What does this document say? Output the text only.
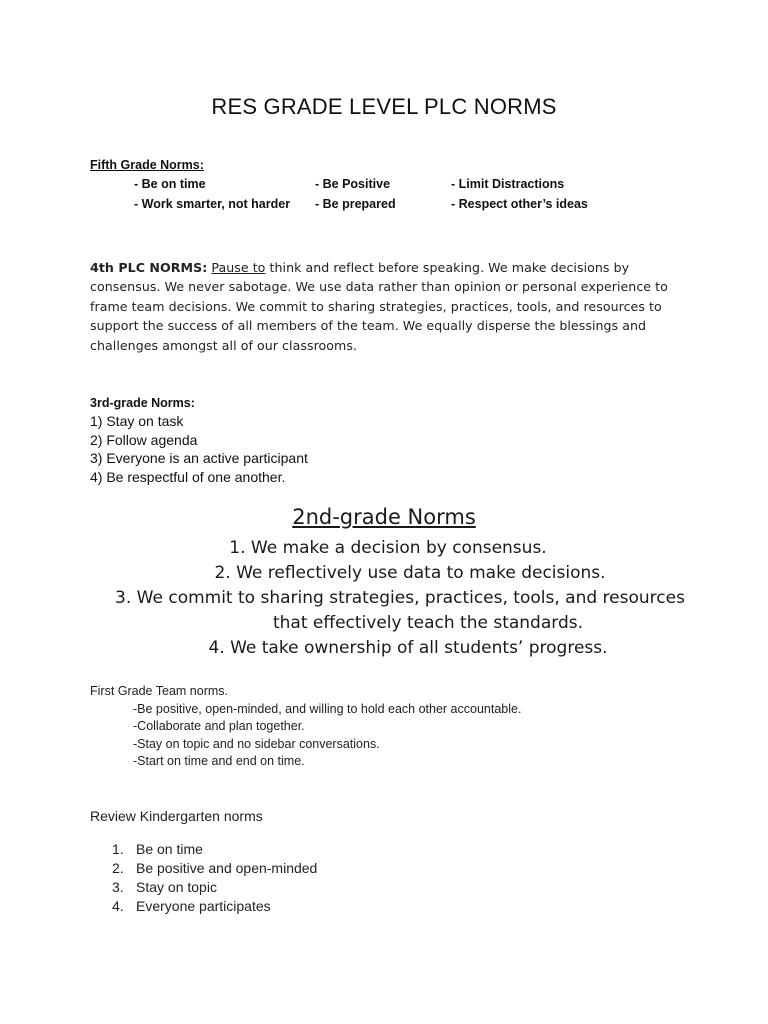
RES GRADE LEVEL PLC NORMS
Fifth Grade Norms:
- Be on time	- Be Positive	- Limit Distractions
- Work smarter, not harder - Be prepared	- Respect other’s ideas
4th PLC NORMS: Pause to think and reflect before speaking. We make decisions by consensus. We never sabotage. We use data rather than opinion or personal experience to frame team decisions. We commit to sharing strategies, practices, tools, and resources to support the success of all members of the team. We equally disperse the blessings and challenges amongst all of our classrooms.
3rd-grade Norms:
1) Stay on task
2) Follow agenda
3) Everyone is an active participant
4) Be respectful of one another.
2nd-grade Norms
1. We make a decision by consensus.
2. We reflectively use data to make decisions.
3. We commit to sharing strategies, practices, tools, and resources
that effectively teach the standards.
4. We take ownership of all students’ progress.
First Grade Team norms.
-Be positive, open-minded, and willing to hold each other accountable.
-Collaborate and plan together.
-Stay on topic and no sidebar conversations.
-Start on time and end on time.
Review Kindergarten norms
1. Be on time
2. Be positive and open-minded
3. Stay on topic
4. Everyone participates
